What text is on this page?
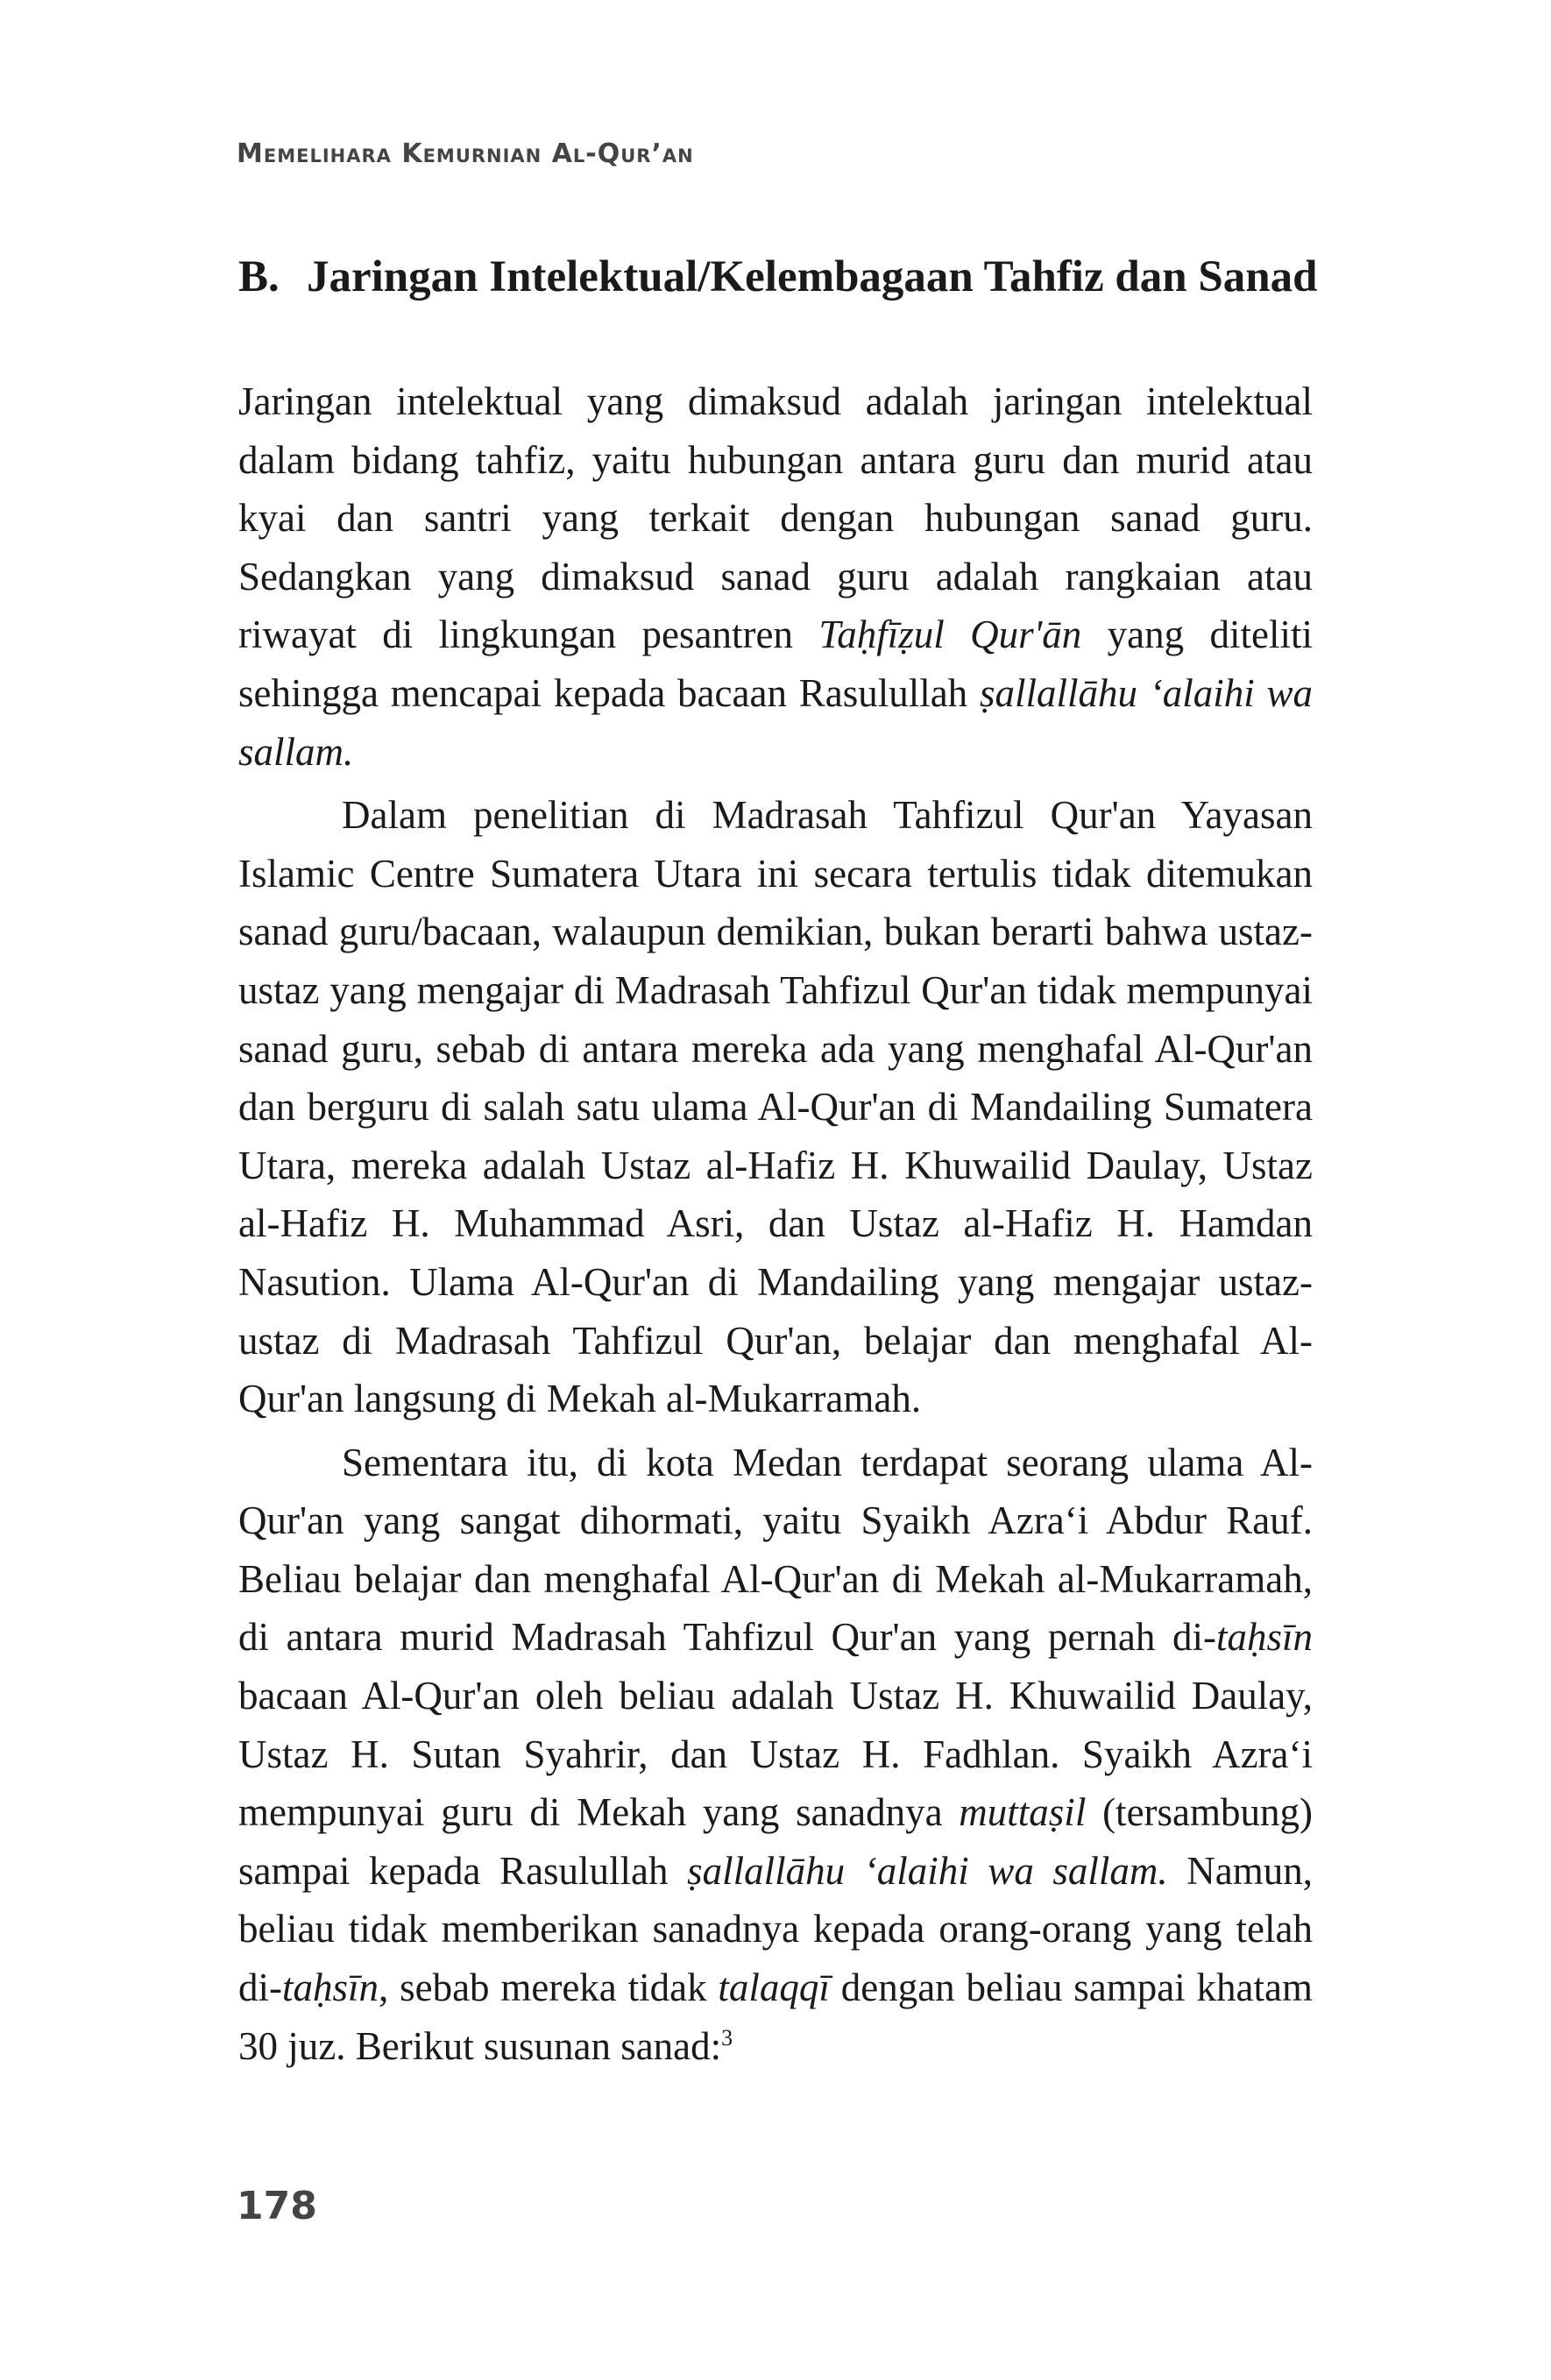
Memelihara Kemurnian Al-Qur’an

B. Jaringan Intelektual/Kelembagaan Tahfiz dan Sanad

Jaringan intelektual yang dimaksud adalah jaringan intelektual dalam bidang tahfiz, yaitu hubungan antara guru dan murid atau kyai dan santri yang terkait dengan hubungan sanad guru. Sedangkan yang dimaksud sanad guru adalah rangkaian atau riwayat di lingkungan pesantren Taḥfīẓul Qur'ān yang diteliti sehingga mencapai kepada bacaan Rasulullah ṣallallāhu ‘alaihi wa sallam.

Dalam penelitian di Madrasah Tahfizul Qur'an Yayasan Islamic Centre Sumatera Utara ini secara tertulis tidak ditemukan sanad guru/bacaan, walaupun demikian, bukan berarti bahwa ustaz-ustaz yang mengajar di Madrasah Tahfizul Qur'an tidak mempunyai sanad guru, sebab di antara mereka ada yang menghafal Al-Qur'an dan berguru di salah satu ulama Al-Qur'an di Mandailing Sumatera Utara, mereka adalah Ustaz al-Hafiz H. Khuwailid Daulay, Ustaz al-Hafiz H. Muhammad Asri, dan Ustaz al-Hafiz H. Hamdan Nasution. Ulama Al-Qur'an di Mandailing yang mengajar ustaz-ustaz di Madrasah Tahfizul Qur'an, belajar dan menghafal Al-Qur'an langsung di Mekah al-Mukarramah.

Sementara itu, di kota Medan terdapat seorang ulama Al-Qur'an yang sangat dihormati, yaitu Syaikh Azra‘i Abdur Rauf. Beliau belajar dan menghafal Al-Qur'an di Mekah al-Mukarramah, di antara murid Madrasah Tahfizul Qur'an yang pernah di-taḥsīn bacaan Al-Qur'an oleh beliau adalah Ustaz H. Khuwailid Daulay, Ustaz H. Sutan Syahrir, dan Ustaz H. Fadhlan. Syaikh Azra‘i mempunyai guru di Mekah yang sanadnya muttaṣil (tersambung) sampai kepada Rasulullah ṣallallāhu ‘alaihi wa sallam. Namun, beliau tidak memberikan sanadnya kepada orang-orang yang telah di-taḥsīn, sebab mereka tidak talaqqī dengan beliau sampai khatam 30 juz. Berikut susunan sanad:$^3$

178
